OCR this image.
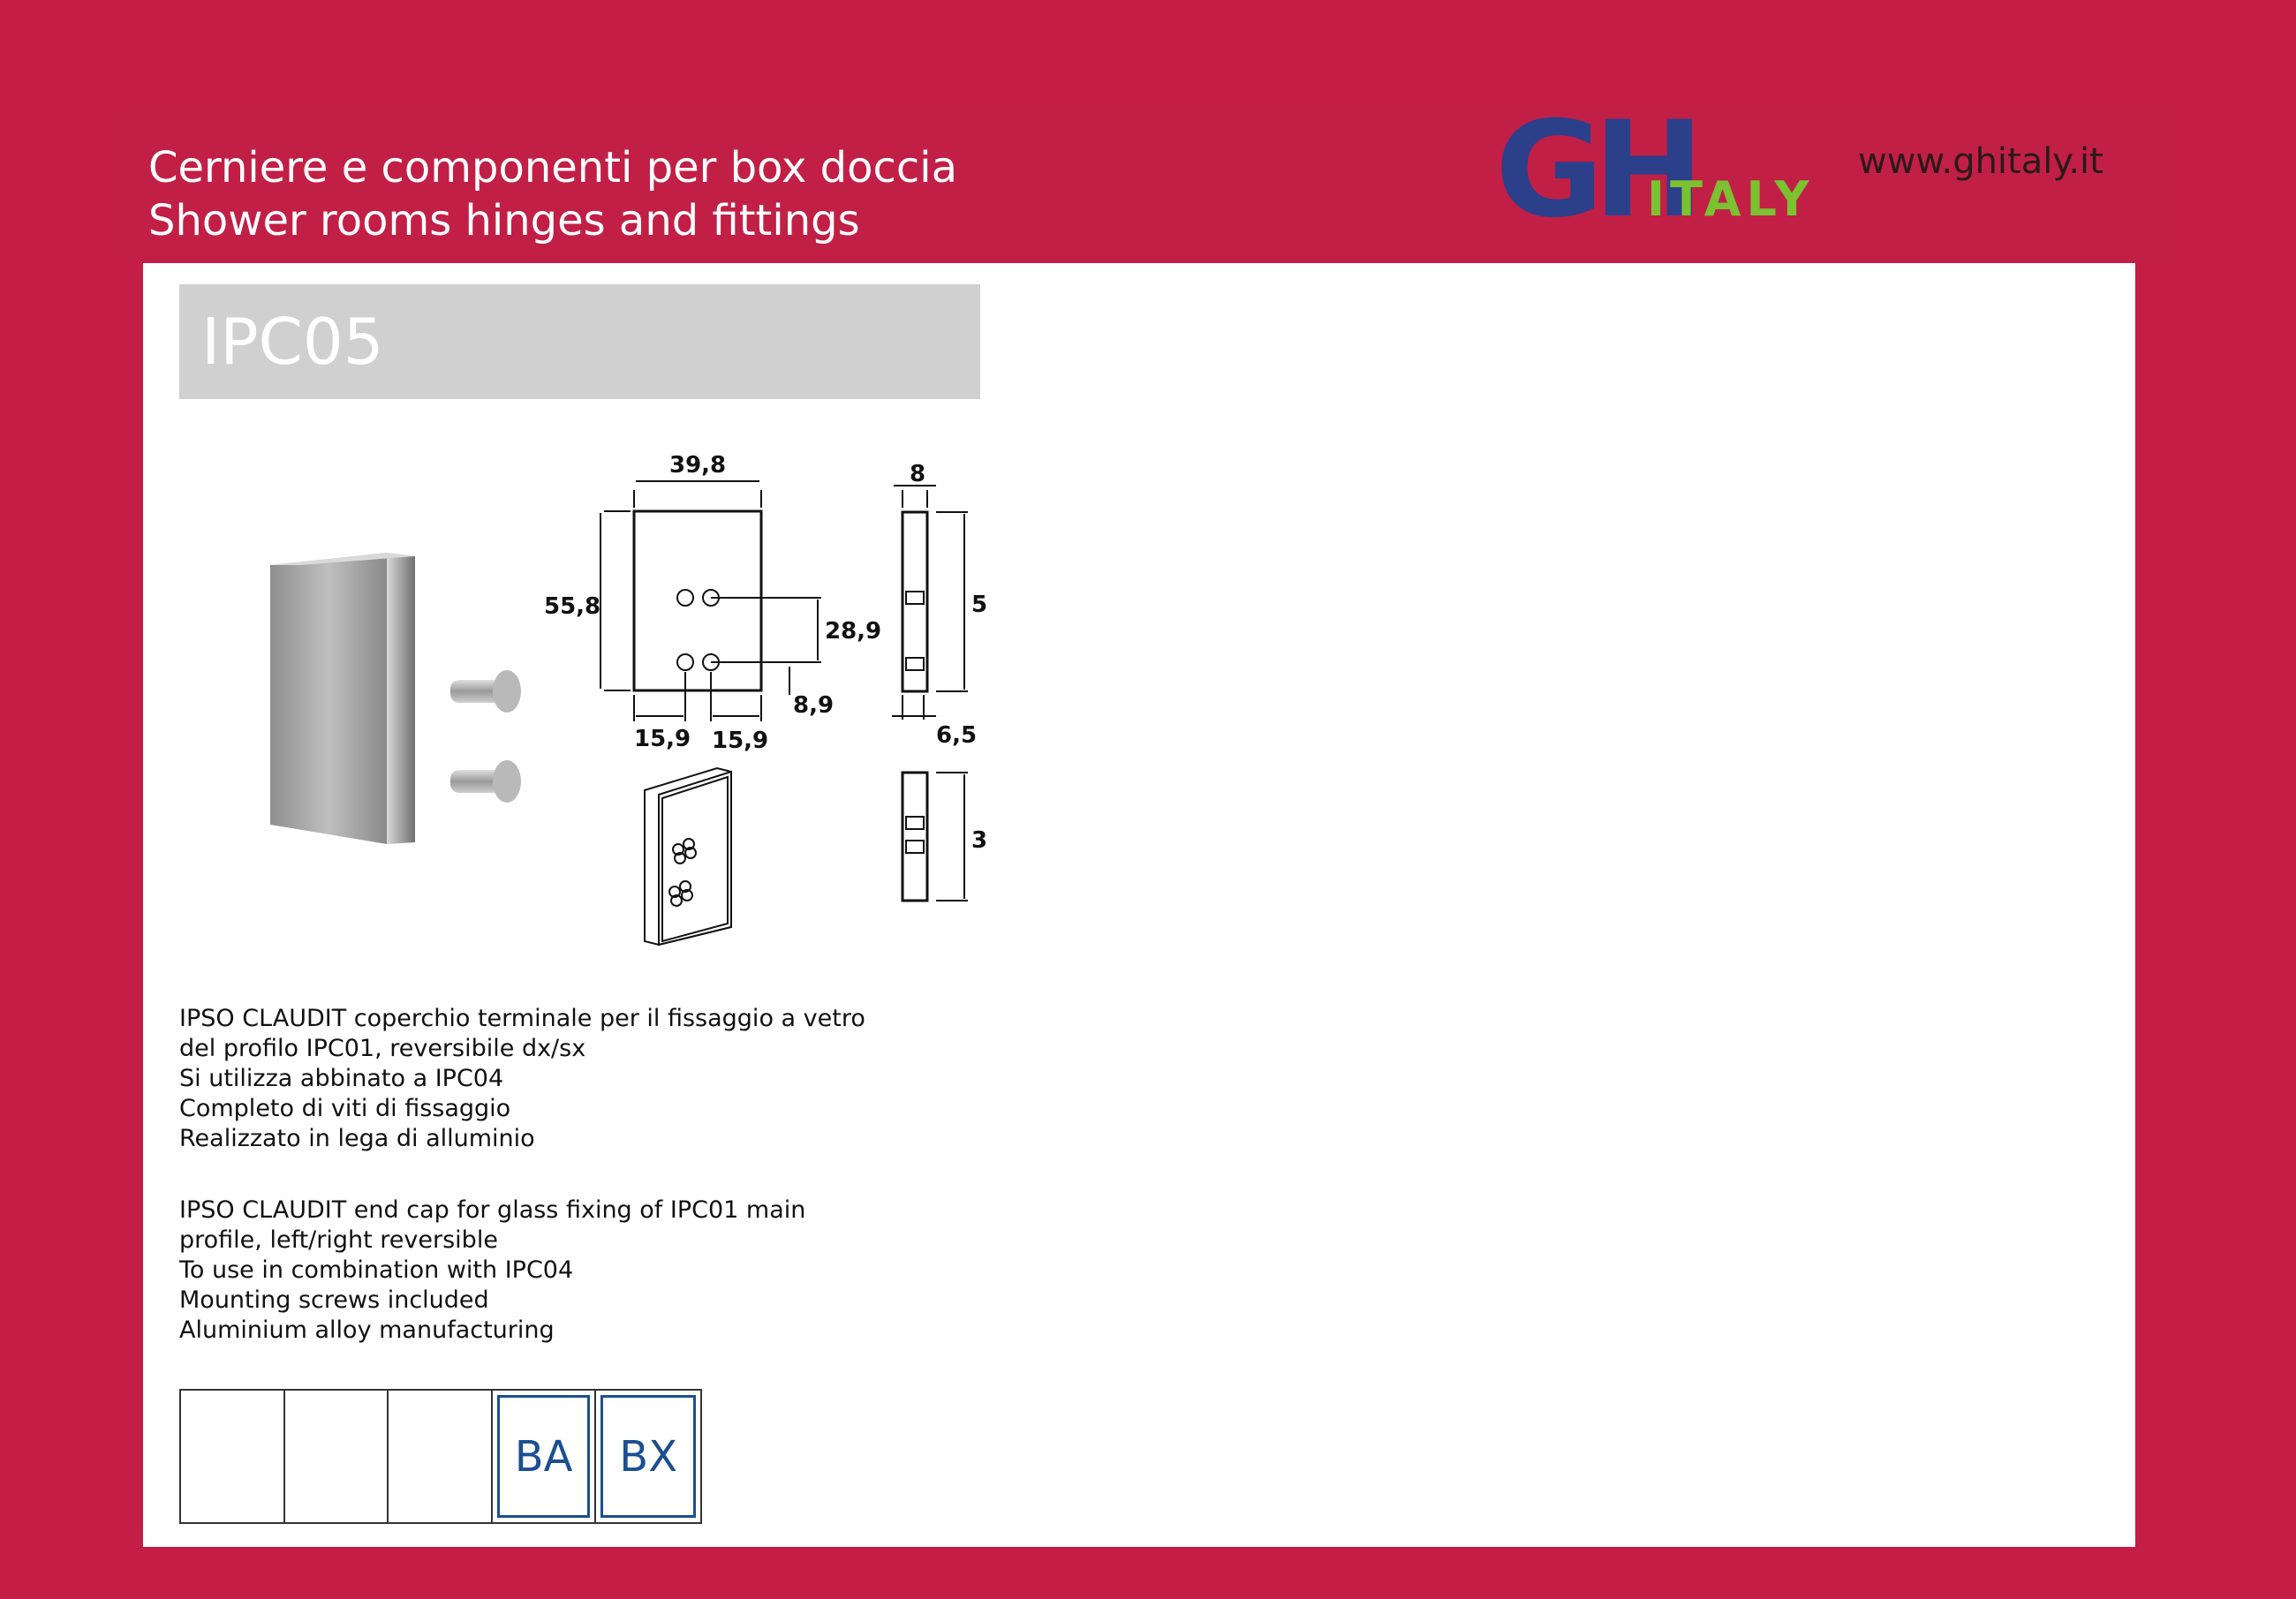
Cerniere e componenti per box doccia
Shower rooms hinges and fittings	GH
ITALY
www.ghitaly.it
IPC05
39,8
55,8
28,9
8,9
15,9 15,9
8
5
6,5
3

IPSO CLAUDIT coperchio terminale per il fissaggio a vetro

del profilo IPC01, reversibile dx/sx

Si utilizza abbinato a IPC04

Completo di viti di fissaggio

Realizzato in lega di alluminio

IPSO CLAUDIT end cap for glass fixing of IPC01 main

profile, left/right reversible

To use in combination with IPC04

Mounting screws included

Aluminium alloy manufacturing

BA	BX
